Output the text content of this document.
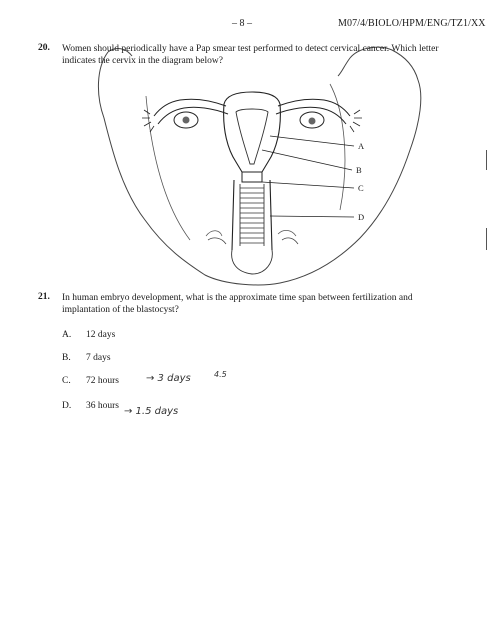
– 8 –	M07/4/BIOLO/HPM/ENG/TZ1/XX
A
B
C
D
20. Women should periodically have a Pap smear test performed to detect cervical cancer. Which letter
indicates the cervix in the diagram below?
21. In human embryo development, what is the approximate time span between fertilization and
implantation of the blastocyst?
A. 12 days
B. 7 days
C. 72 hours
D. 36 hours
→ 3 days	4.5
→ 1.5 days
